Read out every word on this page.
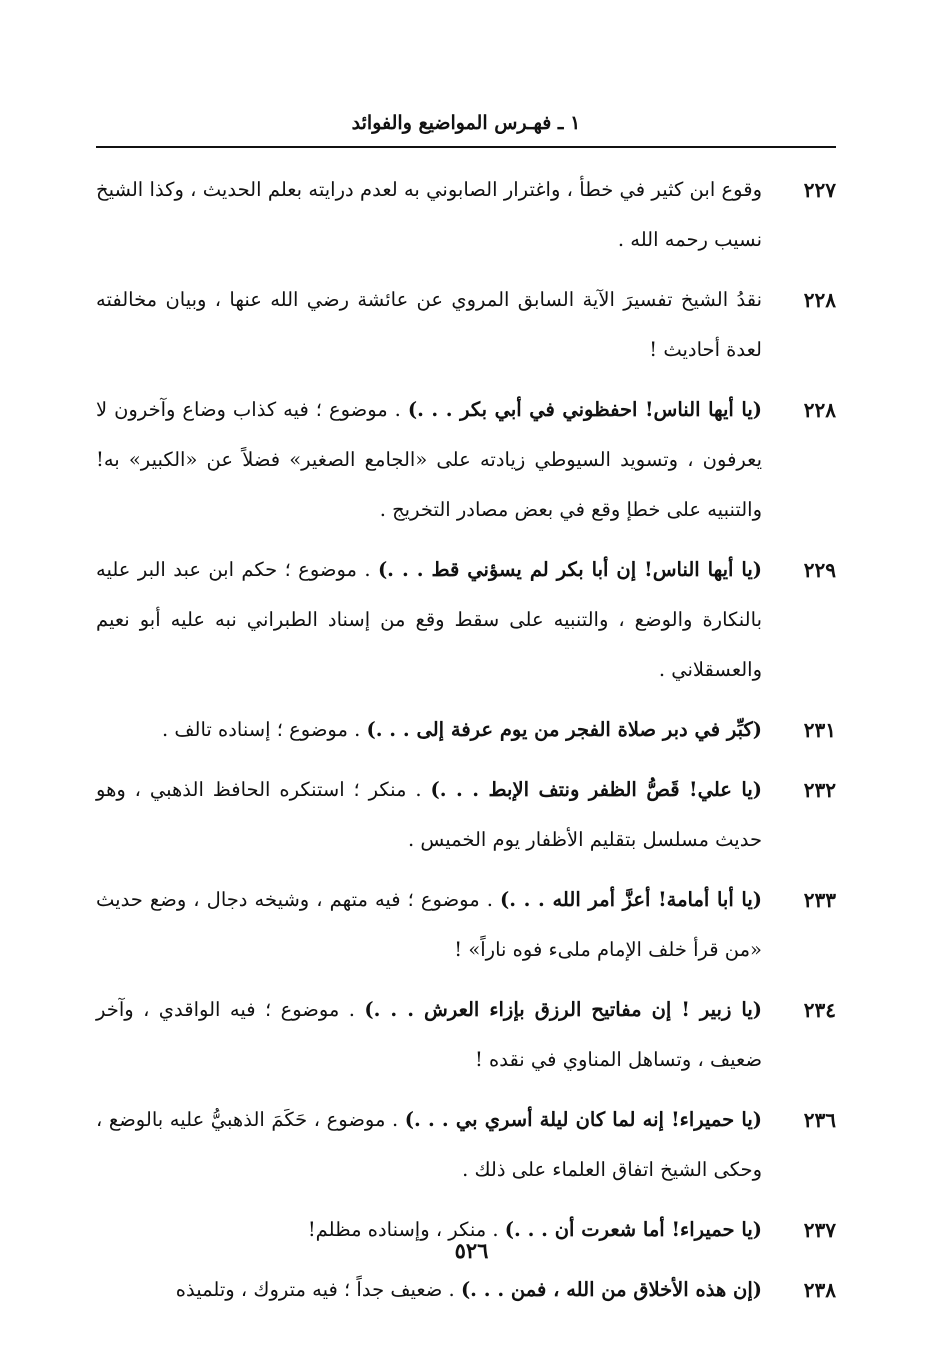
١ ـ فهـرس المواضيع والفوائد
٢٢٧
وقوع ابن كثير في خطأ ، واغترار الصابوني به لعدم درايته بعلم الحديث ، وكذا الشيخ نسيب رحمه الله .
٢٢٨
نقدُ الشيخ تفسيرَ الآية السابق المروي عن عائشة رضي الله عنها ، وبيان مخالفته لعدة أحاديث !
٢٢٨
(يا أيها الناس! احفظوني في أبي بكر . . .) . موضوع ؛ فيه كذاب وضاع وآخرون لا يعرفون ، وتسويد السيوطي زيادته على «الجامع الصغير» فضلاً عن «الكبير» به! والتنبيه على خطإ وقع في بعض مصادر التخريج .
٢٢٩
(يا أيها الناس! إن أبا بكر لم يسؤني قط . . .) . موضوع ؛ حكم ابن عبد البر عليه بالنكارة والوضع ، والتنبيه على سقط وقع من إسناد الطبراني نبه عليه أبو نعيم والعسقلاني .
٢٣١
(كبِّر في دبر صلاة الفجر من يوم عرفة إلى . . .) . موضوع ؛ إسناده تالف .
٢٣٢
(يا علي! قَصُّ الظفر ونتف الإبط . . .) . منكر ؛ استنكره الحافظ الذهبي ، وهو حديث مسلسل بتقليم الأظفار يوم الخميس .
٢٣٣
(يا أبا أمامة! أعزَّ أمر الله . . .) . موضوع ؛ فيه متهم ، وشيخه دجال ، وضع حديث «من قرأ خلف الإمام ملىء فوه ناراً» !
٢٣٤
(يا زبير ! إن مفاتيح الرزق بإزاء العرش . . .) . موضوع ؛ فيه الواقدي ، وآخر ضعيف ، وتساهل المناوي في نقده !
٢٣٦
(يا حميراء! إنه لما كان ليلة أسري بي . . .) . موضوع ، حَكَمَ الذهبيُّ عليه بالوضع ، وحكى الشيخ اتفاق العلماء على ذلك .
٢٣٧
(يا حميراء! أما شعرت أن . . .) . منكر ، وإسناده مظلم!
٢٣٨
(إن هذه الأخلاق من الله ، فمن . . .) . ضعيف جداً ؛ فيه متروك ، وتلميذه
٥٢٦
